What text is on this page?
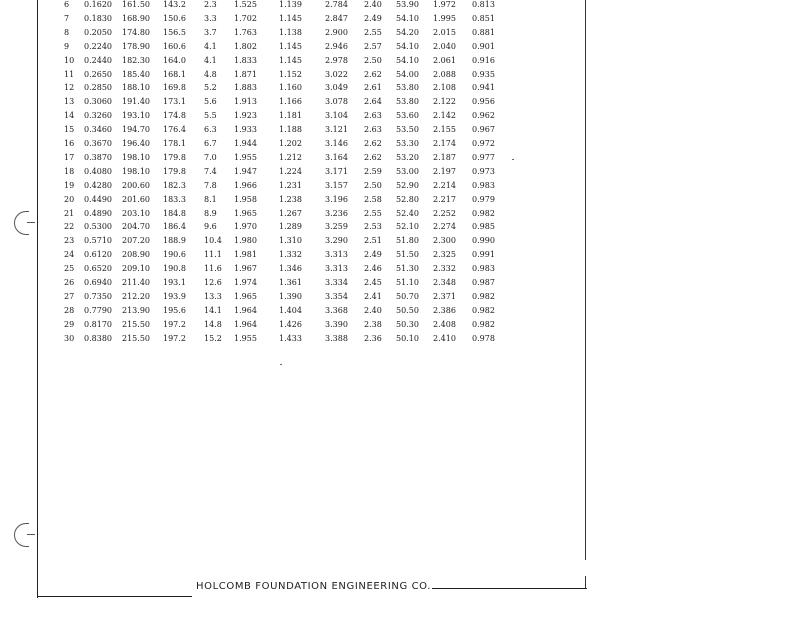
6 0.1620 161.50 143.2 2.3 1.525	1.139	2.784 2.40 53.90 1.972 0.813
7 0.1830 168.90 150.6 3.3 1.702	1.145	2.847 2.49 54.10 1.995 0.851
8 0.2050 174.80 156.5 3.7 1.763	1.138	2.900 2.55 54.20 2.015 0.881
9 0.2240 178.90 160.6 4.1 1.802	1.145	2.946 2.57 54.10 2.040 0.901
10 0.2440 182.30 164.0 4.1 1.833	1.145	2.978 2.50 54.10 2.061 0.916
11 0.2650 185.40 168.1 4.8 1.871	1.152	3.022 2.62 54.00 2.088 0.935
12 0.2850 188.10 169.8 5.2 1.883	1.160	3.049 2.61 53.80 2.108 0.941
13 0.3060 191.40 173.1 5.6 1.913	1.166	3.078 2.64 53.80 2.122 0.956
14 0.3260 193.10 174.8 5.5 1.923	1.181	3.104 2.63 53.60 2.142 0.962
15 0.3460 194.70 176.4 6.3 1.933	1.188	3.121 2.63 53.50 2.155 0.967
16 0.3670 196.40 178.1 6.7 1.944	1.202	3.146 2.62 53.30 2.174 0.972
17 0.3870 198.10 179.8 7.0 1.955	1.212	3.164 2.62 53.20 2.187 0.977
18 0.4080 198.10 179.8 7.4 1.947	1.224	3.171 2.59 53.00 2.197 0.973
19 0.4280 200.60 182.3 7.8 1.966	1.231	3.157 2.50 52.90 2.214 0.983
20 0.4490 201.60 183.3 8.1 1.958	1.238	3.196 2.58 52.80 2.217 0.979
21 0.4890 203.10 184.8 8.9 1.965	1.267	3.236 2.55 52.40 2.252 0.982
22 0.5300 204.70 186.4 9.6 1.970	1.289	3.259 2.53 52.10 2.274 0.985
23 0.5710 207.20 188.9 10.4 1.980	1.310	3.290 2.51 51.80 2.300 0.990
24 0.6120 208.90 190.6 11.1 1.981	1.332	3.313 2.49 51.50 2.325 0.991
25 0.6520 209.10 190.8 11.6 1.967	1.346	3.313 2.46 51.30 2.332 0.983
26 0.6940 211.40 193.1 12.6 1.974	1.361	3.334 2.45 51.10 2.348 0.987
27 0.7350 212.20 193.9 13.3 1.965	1.390	3.354 2.41 50.70 2.371 0.982
28 0.7790 213.90 195.6 14.1 1.964	1.404	3.368 2.40 50.50 2.386 0.982
29 0.8170 215.50 197.2 14.8 1.964	1.426	3.390 2.38 50.30 2.408 0.982
30 0.8380 215.50 197.2 15.2 1.955	1.433	3.388 2.36 50.10 2.410 0.978
HOLCOMB FOUNDATION ENGINEERING CO.
